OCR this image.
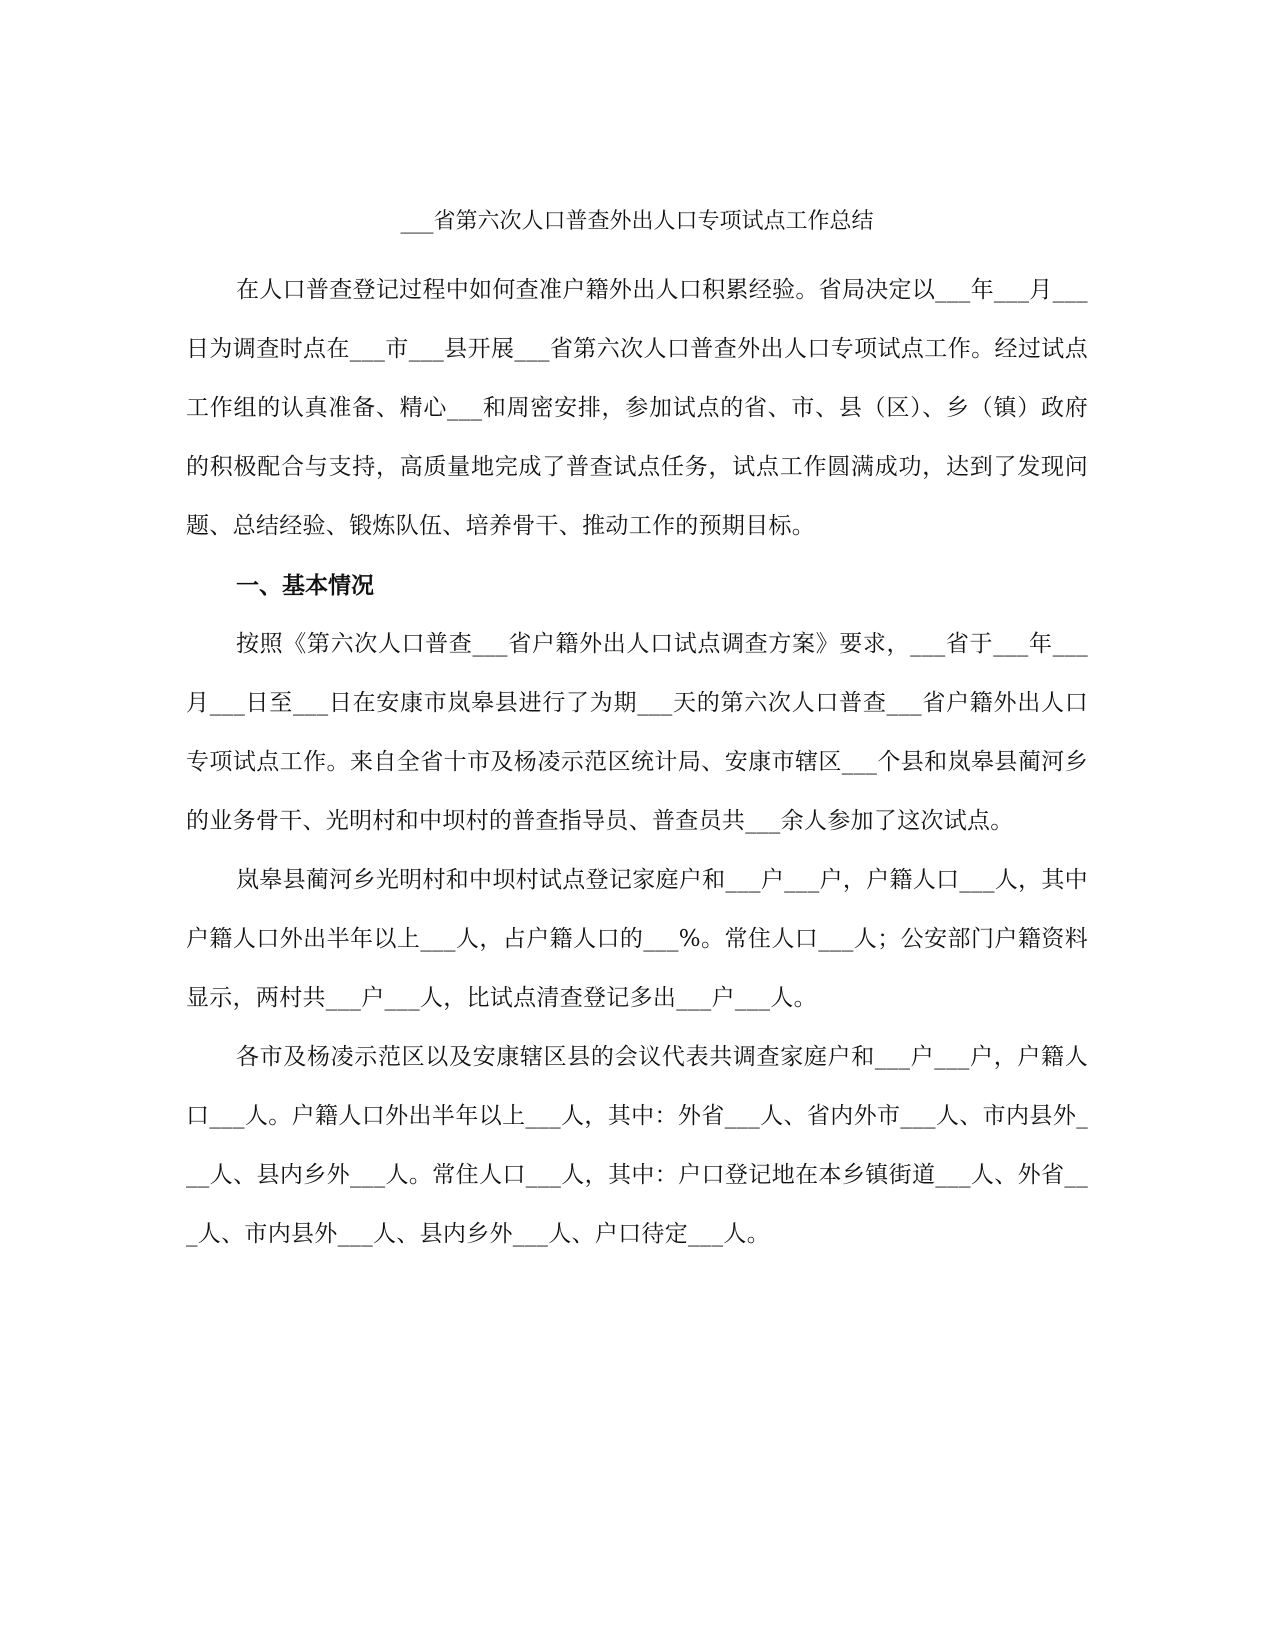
___省第六次人口普查外出人口专项试点工作总结

在人口普查登记过程中如何查准户籍外出人口积累经验。省局决定以___年___月___日为调查时点在___市___县开展___省第六次人口普查外出人口专项试点工作。经过试点工作组的认真准备、精心___和周密安排，参加试点的省、市、县（区）、乡（镇）政府的积极配合与支持，高质量地完成了普查试点任务，试点工作圆满成功，达到了发现问题、总结经验、锻炼队伍、培养骨干、推动工作的预期目标。

一、基本情况

按照《第六次人口普查___省户籍外出人口试点调查方案》要求，___省于___年___月___日至___日在安康市岚皋县进行了为期___天的第六次人口普查___省户籍外出人口专项试点工作。来自全省十市及杨凌示范区统计局、安康市辖区___个县和岚皋县蔺河乡的业务骨干、光明村和中坝村的普查指导员、普查员共___余人参加了这次试点。

岚皋县蔺河乡光明村和中坝村试点登记家庭户和___户___户，户籍人口___人，其中户籍人口外出半年以上___人，占户籍人口的___%。常住人口___人；公安部门户籍资料显示，两村共___户___人，比试点清查登记多出___户___人。

各市及杨凌示范区以及安康辖区县的会议代表共调查家庭户和___户___户，户籍人口___人。户籍人口外出半年以上___人，其中：外省___人、省内外市___人、市内县外___人、县内乡外___人。常住人口___人，其中：户口登记地在本乡镇街道___人、外省___人、市内县外___人、县内乡外___人、户口待定___人。
